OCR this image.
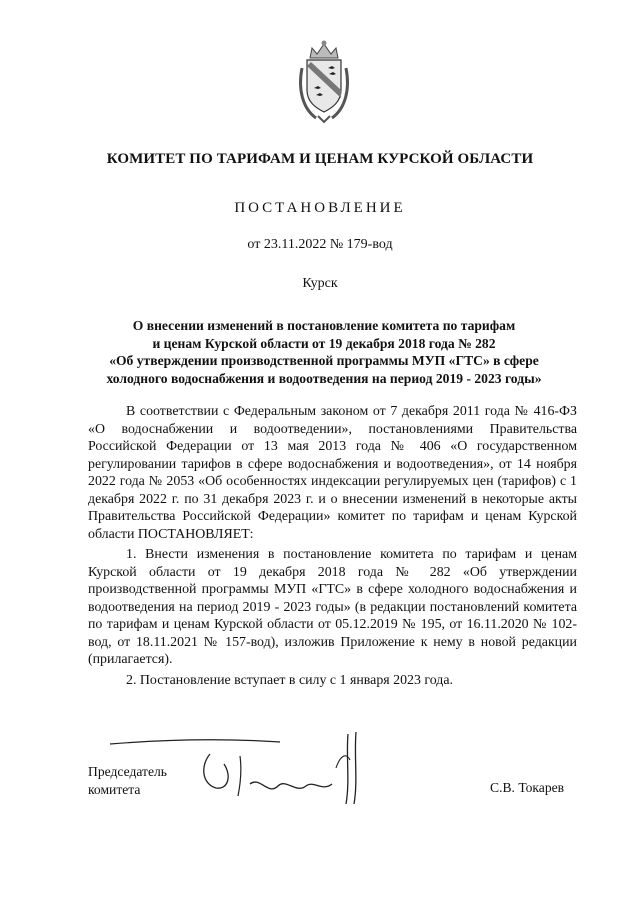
КОМИТЕТ ПО ТАРИФАМ И ЦЕНАМ КУРСКОЙ ОБЛАСТИ
ПОСТАНОВЛЕНИЕ
от 23.11.2022 № 179-вод
Курск
О внесении изменений в постановление комитета по тарифам
и ценам Курской области от 19 декабря 2018 года № 282
«Об утверждении производственной программы МУП «ГТС» в сфере
холодного водоснабжения и водоотведения на период 2019 - 2023 годы»

В соответствии с Федеральным законом от 7 декабря 2011 года № 416-ФЗ «О водоснабжении и водоотведении», постановлениями Правительства Российской Федерации от 13 мая 2013 года № 406 «О государственном регулировании тарифов в сфере водоснабжения и водоотведения», от 14 ноября 2022 года № 2053 «Об особенностях индексации регулируемых цен (тарифов) с 1 декабря 2022 г. по 31 декабря 2023 г. и о внесении изменений в некоторые акты Правительства Российской Федерации» комитет по тарифам и ценам Курской области ПОСТАНОВЛЯЕТ:

1. Внести изменения в постановление комитета по тарифам и ценам Курской области от 19 декабря 2018 года № 282 «Об утверждении производственной программы МУП «ГТС» в сфере холодного водоснабжения и водоотведения на период 2019 - 2023 годы» (в редакции постановлений комитета по тарифам и ценам Курской области от 05.12.2019 № 195, от 16.11.2020 № 102-вод, от 18.11.2021 № 157-вод), изложив Приложение к нему в новой редакции (прилагается).

2. Постановление вступает в силу с 1 января 2023 года.

Председатель
комитета	С.В. Токарев
